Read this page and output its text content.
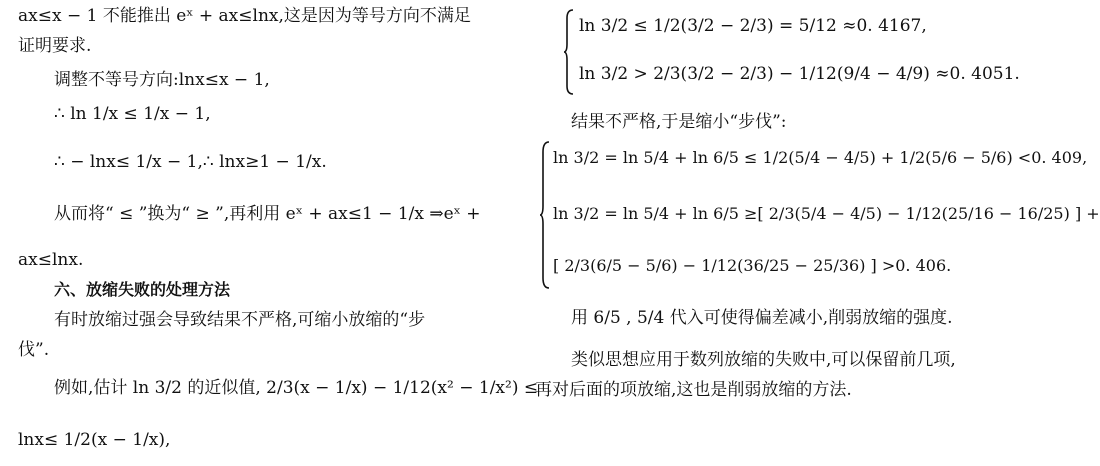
ax≤x − 1 不能推出 eˣ + ax≤lnx,这是因为等号方向不满足
证明要求.
调整不等号方向:lnx≤x − 1,
∴ ln 1/x ≤ 1/x − 1,
∴ − lnx≤ 1/x − 1,∴ lnx≥1 − 1/x.
从而将“ ≤ ”换为“ ≥ ”,再利用 eˣ + ax≤1 − 1/x ⇒eˣ +
ax≤lnx.
六、放缩失败的处理方法
有时放缩过强会导致结果不严格,可缩小放缩的“步
伐”.
例如,估计 ln 3/2 的近似值, 2/3(x − 1/x) − 1/12(x² − 1/x²) ≤
lnx≤ 1/2(x − 1/x),
ln 3/2 ≤ 1/2(3/2 − 2/3) = 5/12 ≈0. 4167,
ln 3/2 > 2/3(3/2 − 2/3) − 1/12(9/4 − 4/9) ≈0. 4051.
结果不严格,于是缩小“步伐”:
ln 3/2 = ln 5/4 + ln 6/5 ≤ 1/2(5/4 − 4/5) + 1/2(5/6 − 5/6) <0. 409,
ln 3/2 = ln 5/4 + ln 6/5 ≥[ 2/3(5/4 − 4/5) − 1/12(25/16 − 16/25) ] +
[ 2/3(6/5 − 5/6) − 1/12(36/25 − 25/36) ] >0. 406.
用 6/5 , 5/4 代入可使得偏差减小,削弱放缩的强度.
类似思想应用于数列放缩的失败中,可以保留前几项,
再对后面的项放缩,这也是削弱放缩的方法.
